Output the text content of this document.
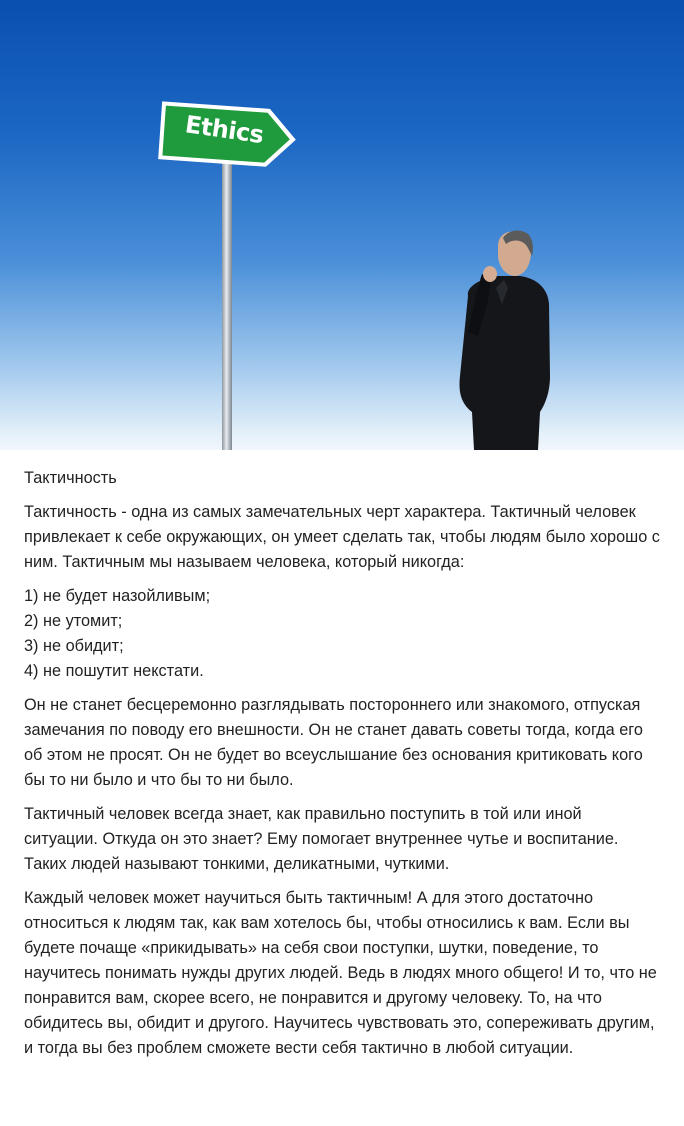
Ethics

Тактичность

Тактичность - одна из самых замечательных черт характера. Тактичный человек привлекает к себе окружающих, он умеет сделать так, чтобы людям было хорошо с ним. Тактичным мы называем человека, который никогда:

1) не будет назойливым;
2) не утомит;
3) не обидит;
4) не пошутит некстати.

Он не станет бесцеремонно разглядывать постороннего или знакомого, отпуская замечания по поводу его внешности. Он не станет давать советы тогда, когда его об этом не просят. Он не будет во всеуслышание без основания критиковать кого бы то ни было и что бы то ни было.

Тактичный человек всегда знает, как правильно поступить в той или иной ситуации. Откуда он это знает? Ему помогает внутреннее чутье и воспитание. Таких людей называют тонкими, деликатными, чуткими.

Каждый человек может научиться быть тактичным! А для этого достаточно относиться к людям так, как вам хотелось бы, чтобы относились к вам. Если вы будете почаще «прикидывать» на себя свои поступки, шутки, поведение, то научитесь понимать нужды других людей. Ведь в людях много общего! И то, что не понравится вам, скорее всего, не понравится и другому человеку. То, на что обидитесь вы, обидит и другого. Научитесь чувствовать это, сопереживать другим, и тогда вы без проблем сможете вести себя тактично в любой ситуации.
